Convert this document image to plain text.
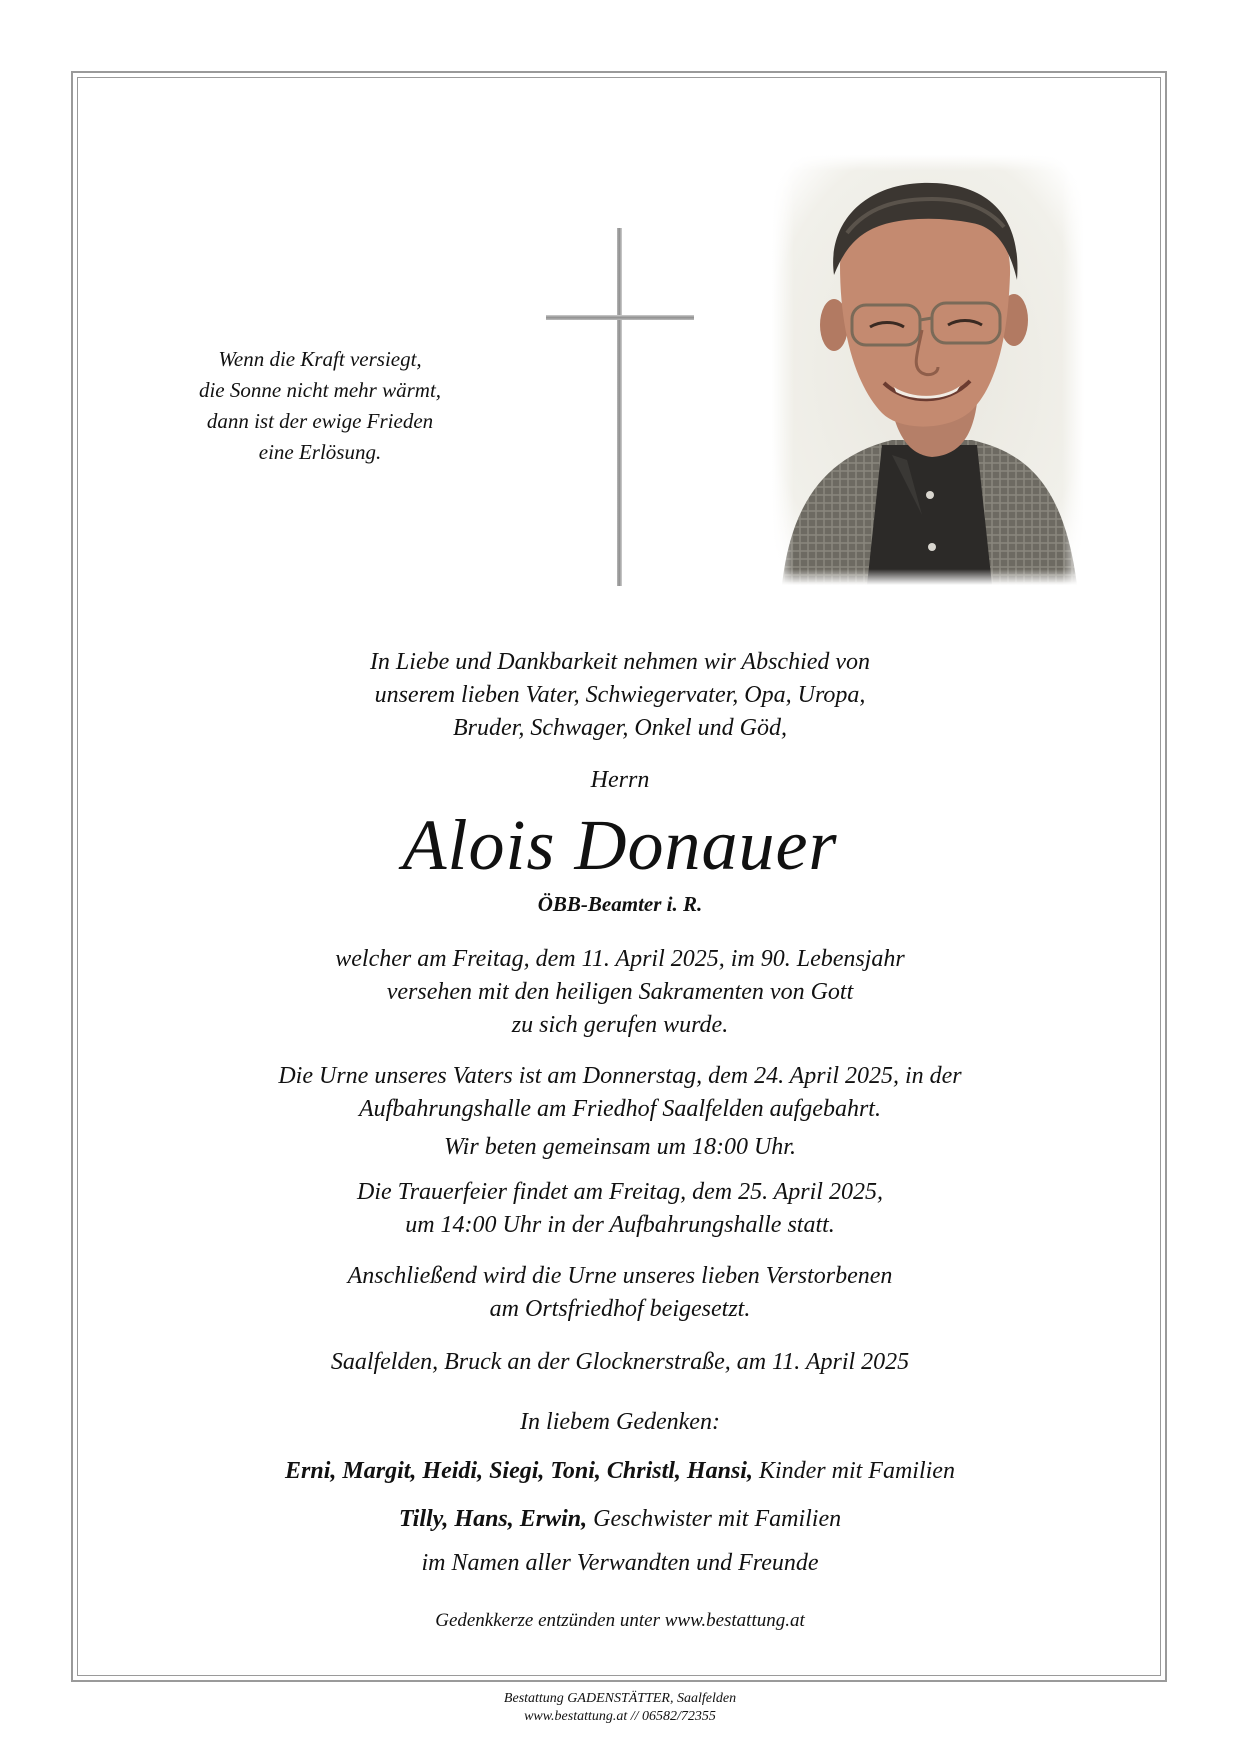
Wenn die Kraft versiegt,
die Sonne nicht mehr wärmt,
dann ist der ewige Frieden
eine Erlösung.
In Liebe und Dankbarkeit nehmen wir Abschied von
unserem lieben Vater, Schwiegervater, Opa, Uropa,
Bruder, Schwager, Onkel und Göd,
Herrn
Alois Donauer
ÖBB-Beamter i. R.
welcher am Freitag, dem 11. April 2025, im 90. Lebensjahr
versehen mit den heiligen Sakramenten von Gott
zu sich gerufen wurde.
Die Urne unseres Vaters ist am Donnerstag, dem 24. April 2025, in der
Aufbahrungshalle am Friedhof Saalfelden aufgebahrt.
Wir beten gemeinsam um 18:00 Uhr.
Die Trauerfeier findet am Freitag, dem 25. April 2025,
um 14:00 Uhr in der Aufbahrungshalle statt.
Anschließend wird die Urne unseres lieben Verstorbenen
am Ortsfriedhof beigesetzt.
Saalfelden, Bruck an der Glocknerstraße, am 11. April 2025
In liebem Gedenken:
Erni, Margit, Heidi, Siegi, Toni, Christl, Hansi, Kinder mit Familien
Tilly, Hans, Erwin, Geschwister mit Familien
im Namen aller Verwandten und Freunde
Gedenkkerze entzünden unter www.bestattung.at
Bestattung GADENSTÄTTER, Saalfelden
www.bestattung.at // 06582/72355
